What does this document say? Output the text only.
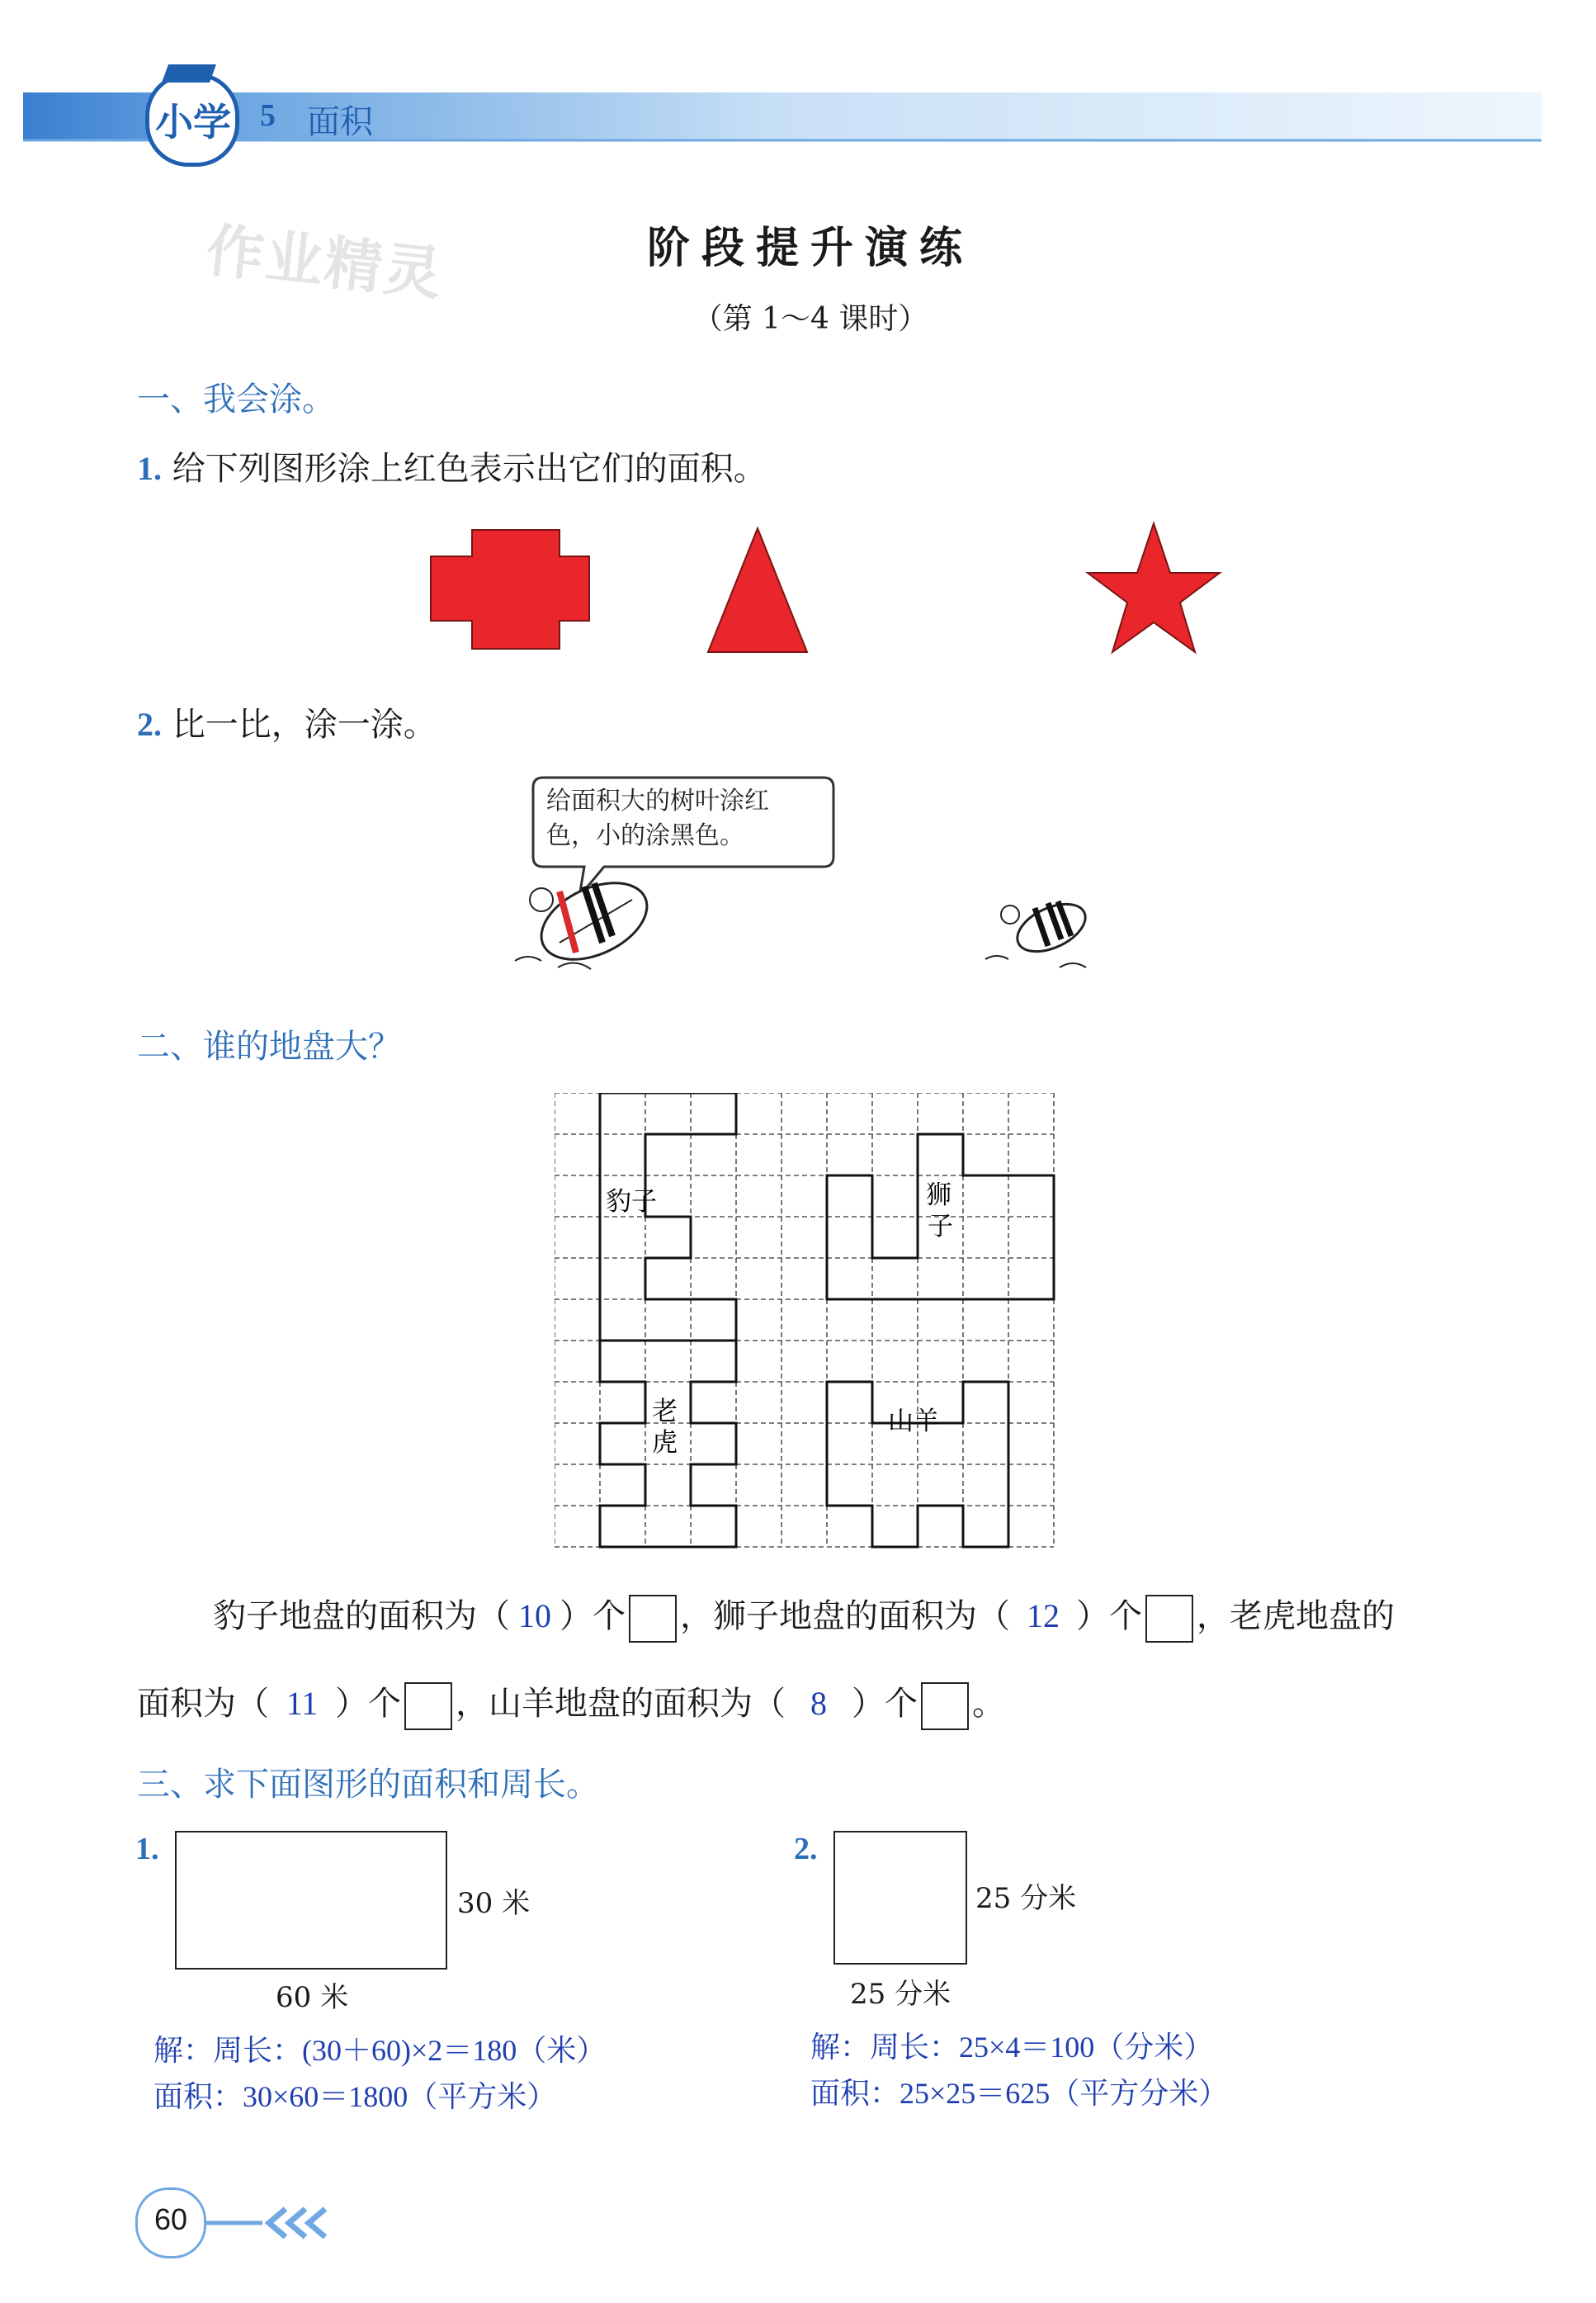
小学 5 面积
作业精灵	阶段提升演练
（第 1～4 课时）
一、我会涂。
1. 给下列图形涂上红色表示出它们的面积。
2. 比一比，涂一涂。
给面积大的树叶涂红
色，小的涂黑色。
二、谁的地盘大？
豹子	狮
子
老
虎
山羊
豹子地盘的面积为（ 10 ）个 ，狮子地盘的面积为（ 12 ）个 ，老虎地盘的
面积为（ 11 ）个 ，山羊地盘的面积为（ 8 ）个 。
三、求下面图形的面积和周长。
1.
30 米
60 米
解：周长：(30＋60)×2＝180（米）
面积：30×60＝1800（平方米）
2.
25 分米
25 分米
解：周长：25×4＝100（分米）
面积：25×25＝625（平方分米）
60
